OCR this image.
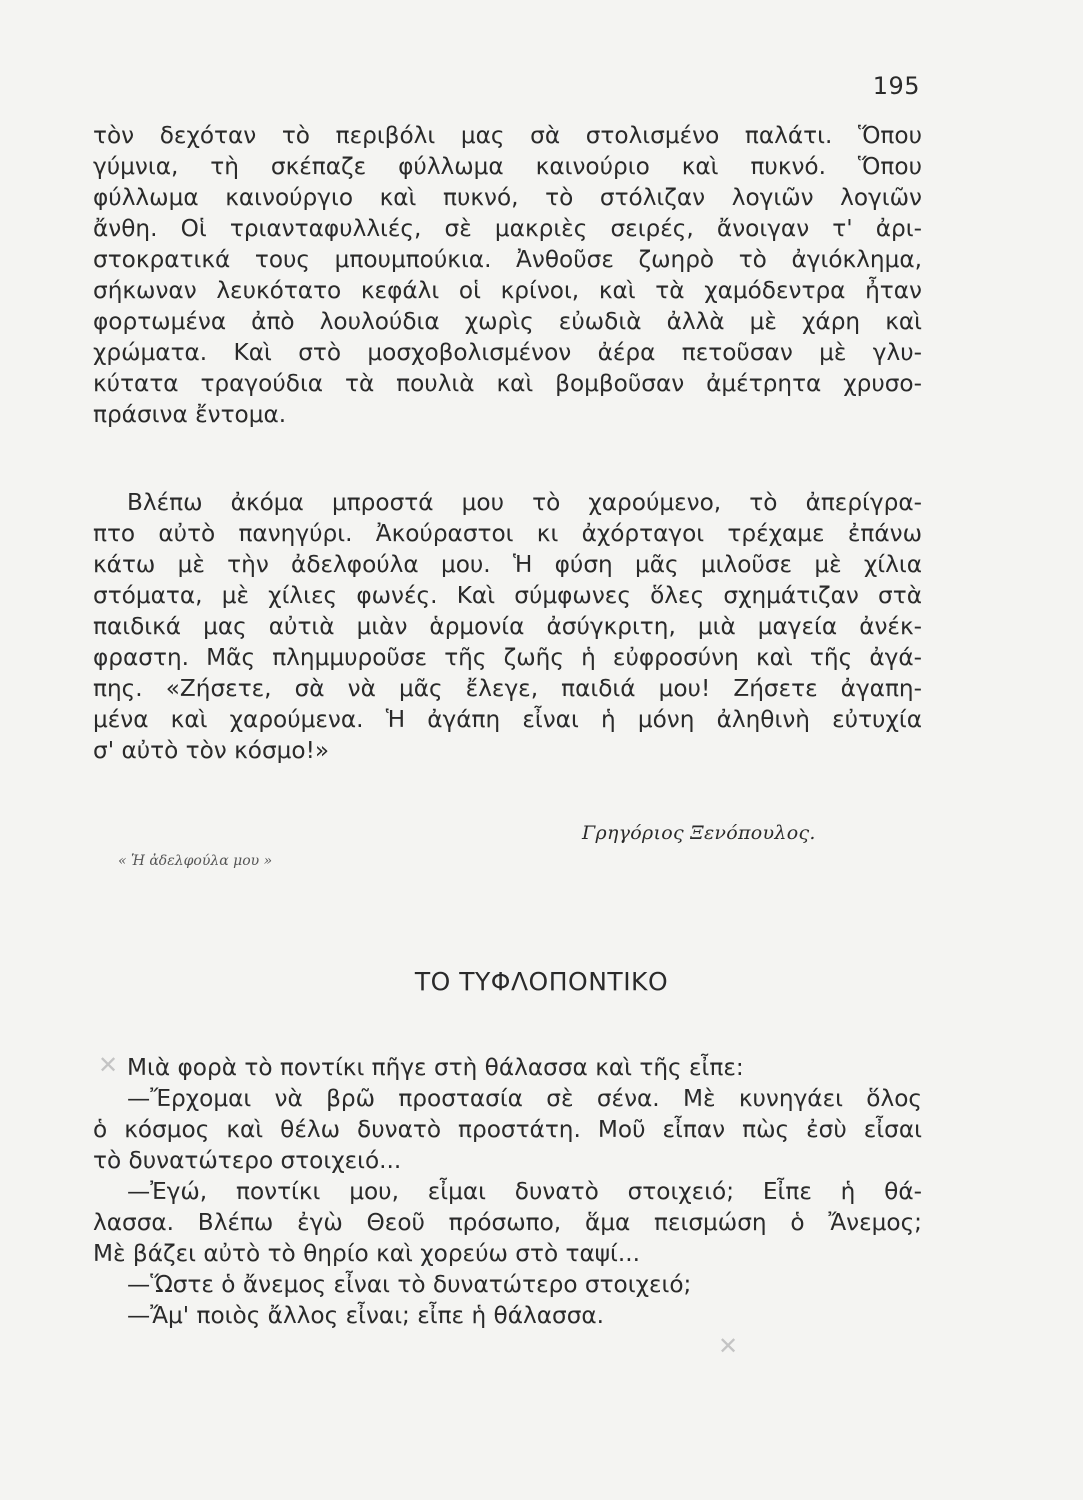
195
τὸν δεχόταν τὸ περιβόλι μας σὰ στολισμένο παλάτι. Ὅπου
γύμνια, τὴ σκέπαζε φύλλωμα καινούριο καὶ πυκνό. Ὅπου
φύλλωμα καινούργιο καὶ πυκνό, τὸ στόλιζαν λογιῶν λογιῶν
ἄνθη. Οἱ τριανταφυλλιές, σὲ μακριὲς σειρές, ἄνοιγαν τ' ἀρι-
στοκρατικά τους μπουμπούκια. Ἀνθοῦσε ζωηρὸ τὸ ἀγιόκλημα,
σήκωναν λευκότατο κεφάλι οἱ κρίνοι, καὶ τὰ χαμόδεντρα ἦταν
φορτωμένα ἀπὸ λουλούδια χωρὶς εὐωδιὰ ἀλλὰ μὲ χάρη καὶ
χρώματα. Καὶ στὸ μοσχοβολισμένον ἀέρα πετοῦσαν μὲ γλυ-
κύτατα τραγούδια τὰ πουλιὰ καὶ βομβοῦσαν ἀμέτρητα χρυσο-
πράσινα ἔντομα.
Βλέπω ἀκόμα μπροστά μου τὸ χαρούμενο, τὸ ἀπερίγρα-
πτο αὐτὸ πανηγύρι. Ἀκούραστοι κι ἀχόρταγοι τρέχαμε ἐπάνω
κάτω μὲ τὴν ἀδελφούλα μου. Ἡ φύση μᾶς μιλοῦσε μὲ χίλια
στόματα, μὲ χίλιες φωνές. Καὶ σύμφωνες ὅλες σχημάτιζαν στὰ
παιδικά μας αὐτιὰ μιὰν ἁρμονία ἀσύγκριτη, μιὰ μαγεία ἀνέκ-
φραστη. Μᾶς πλημμυροῦσε τῆς ζωῆς ἡ εὐφροσύνη καὶ τῆς ἀγά-
πης. «Ζήσετε, σὰ νὰ μᾶς ἔλεγε, παιδιά μου! Ζήσετε ἀγαπη-
μένα καὶ χαρούμενα. Ἡ ἀγάπη εἶναι ἡ μόνη ἀληθινὴ εὐτυχία
σ' αὐτὸ τὸν κόσμο!»
Γρηγόριος Ξενόπουλος.
« Ἡ ἀδελφούλα μου »
ΤΟ ΤΥΦΛΟΠΟΝΤΙΚΟ
✕ Μιὰ φορὰ τὸ ποντίκι πῆγε στὴ θάλασσα καὶ τῆς εἶπε:
—Ἔρχομαι νὰ βρῶ προστασία σὲ σένα. Μὲ κυνηγάει ὅλος
ὁ κόσμος καὶ θέλω δυνατὸ προστάτη. Μοῦ εἶπαν πὼς ἐσὺ εἶσαι
τὸ δυνατώτερο στοιχειό...
—Ἐγώ, ποντίκι μου, εἶμαι δυνατὸ στοιχειό; Εἶπε ἡ θά-
λασσα. Βλέπω ἐγὼ Θεοῦ πρόσωπο, ἅμα πεισμώση ὁ Ἄνεμος;
Μὲ βάζει αὐτὸ τὸ θηρίο καὶ χορεύω στὸ ταψί...
—Ὥστε ὁ ἄνεμος εἶναι τὸ δυνατώτερο στοιχειό;
—Ἄμ' ποιὸς ἄλλος εἶναι; εἶπε ἡ θάλασσα.
✕
